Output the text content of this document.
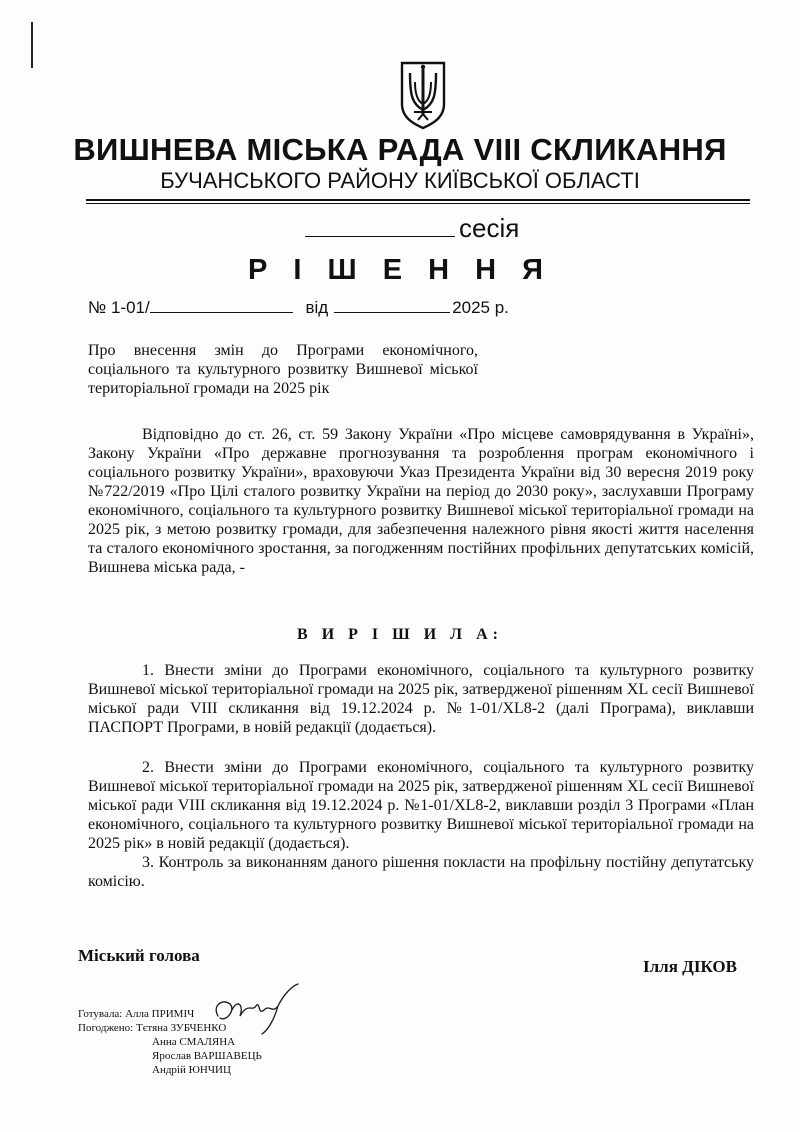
ВИШНЕВА МІСЬКА РАДА VIII СКЛИКАННЯ
БУЧАНСЬКОГО РАЙОНУ КИЇВСЬКОЇ ОБЛАСТІ
сесія
Р І Ш Е Н Н Я
№ 1-01/	від	2025 р.
Про внесення змін до Програми економічного, соціального та культурного розвитку Вишневої міської територіальної громади на 2025 рік

Відповідно до ст. 26, ст. 59 Закону України «Про місцеве самоврядування в Україні», Закону України «Про державне прогнозування та розроблення програм економічного і соціального розвитку України», враховуючи Указ Президента України від 30 вересня 2019 року №722/2019 «Про Цілі сталого розвитку України на період до 2030 року», заслухавши Програму економічного, соціального та культурного розвитку Вишневої міської територіальної громади на 2025 рік, з метою розвитку громади, для забезпечення належного рівня якості життя населення та сталого економічного зростання, за погодженням постійних профільних депутатських комісій, Вишнева міська рада, -

В И Р І Ш И Л А:

1. Внести зміни до Програми економічного, соціального та культурного розвитку Вишневої міської територіальної громади на 2025 рік, затвердженої рішенням XL сесії Вишневої міської ради VIII скликання від 19.12.2024 р. №1-01/XL8-2 (далі Програма), виклавши ПАСПОРТ Програми, в новій редакції (додається).

2. Внести зміни до Програми економічного, соціального та культурного розвитку Вишневої міської територіальної громади на 2025 рік, затвердженої рішенням XL сесії Вишневої міської ради VIII скликання від 19.12.2024 р. №1-01/XL8-2, виклавши розділ 3 Програми «План економічного, соціального та культурного розвитку Вишневої міської територіальної громади на 2025 рік» в новій редакції (додається).

3. Контроль за виконанням даного рішення покласти на профільну постійну депутатську комісію.

Міський голова
Ілля ДІКОВ
Готувала: Алла ПРИМІЧ
Погоджено: Тєтяна ЗУБЧЕНКО
Анна СМАЛЯНА
Ярослав ВАРШАВЕЦЬ
Андрій ЮНЧИЦ
